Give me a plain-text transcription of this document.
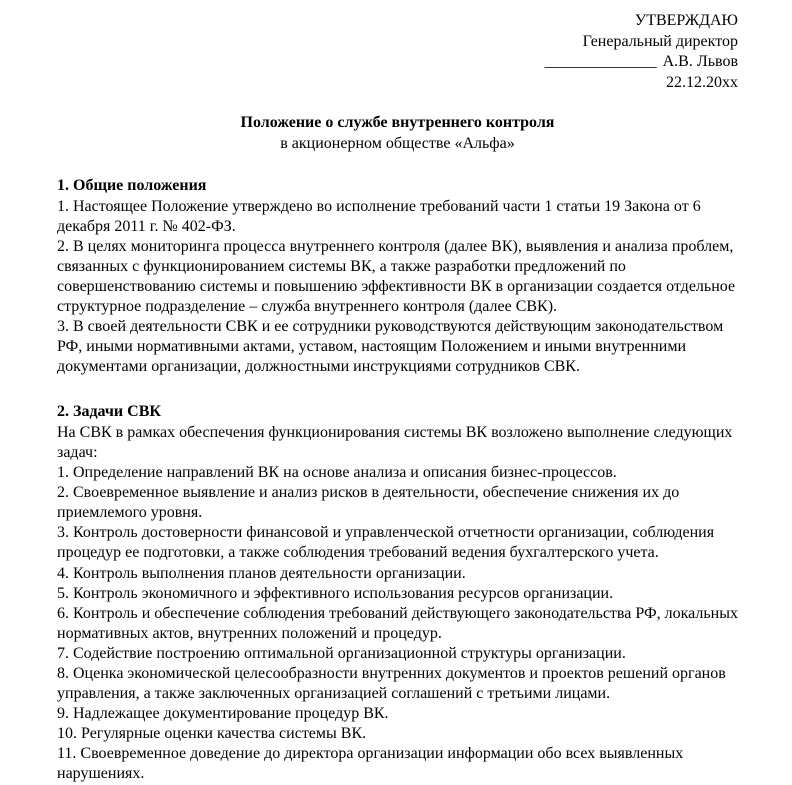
УТВЕРЖДАЮ
Генеральный директор
______________ А.В. Львов
22.12.20хх
Положение о службе внутреннего контроля
в акционерном обществе «Альфа»
1. Общие положения

1. Настоящее Положение утверждено во исполнение требований части 1 статьи 19 Закона от 6 декабря 2011 г. № 402-ФЗ.

2. В целях мониторинга процесса внутреннего контроля (далее ВК), выявления и анализа проблем, связанных с функционированием системы ВК, а также разработки предложений по совершенствованию системы и повышению эффективности ВК в организации создается отдельное структурное подразделение – служба внутреннего контроля (далее СВК).

3. В своей деятельности СВК и ее сотрудники руководствуются действующим законодательством РФ, иными нормативными актами, уставом, настоящим Положением и иными внутренними документами организации, должностными инструкциями сотрудников СВК.

2. Задачи СВК

На СВК в рамках обеспечения функционирования системы ВК возложено выполнение следующих задач:

1. Определение направлений ВК на основе анализа и описания бизнес-процессов.

2. Своевременное выявление и анализ рисков в деятельности, обеспечение снижения их до приемлемого уровня.

3. Контроль достоверности финансовой и управленческой отчетности организации, соблюдения процедур ее подготовки, а также соблюдения требований ведения бухгалтерского учета.

4. Контроль выполнения планов деятельности организации.

5. Контроль экономичного и эффективного использования ресурсов организации.

6. Контроль и обеспечение соблюдения требований действующего законодательства РФ, локальных нормативных актов, внутренних положений и процедур.

7. Содействие построению оптимальной организационной структуры организации.

8. Оценка экономической целесообразности внутренних документов и проектов решений органов управления, а также заключенных организацией соглашений с третьими лицами.

9. Надлежащее документирование процедур ВК.

10. Регулярные оценки качества системы ВК.

11. Своевременное доведение до директора организации информации обо всех выявленных нарушениях.
